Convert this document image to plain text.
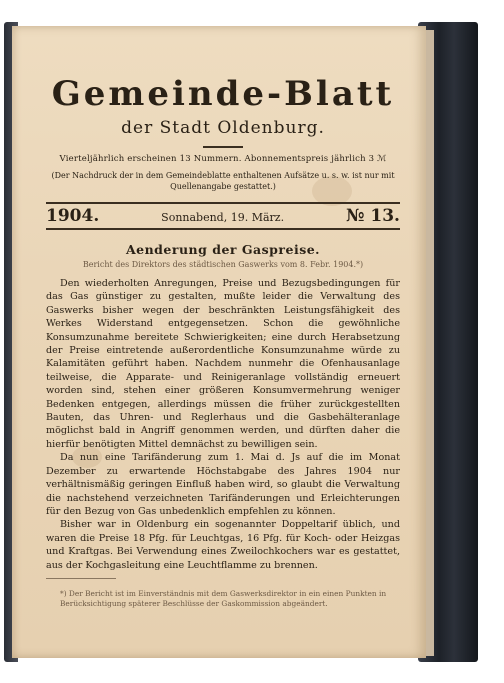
Gemeinde-Blatt
der Stadt Oldenburg.
Vierteljährlich erscheinen 13 Nummern. Abonnementspreis jährlich 3 ℳ
(Der Nachdruck der in dem Gemeindeblatte enthaltenen Aufsätze u. s. w. ist nur mit Quellenangabe gestattet.)
1904.	Sonnabend, 19. März.	№ 13.
Aenderung der Gaspreise.
Bericht des Direktors des städtischen Gaswerks vom 8. Febr. 1904.*)

Den wiederholten Anregungen, Preise und Bezugsbedingungen für das Gas günstiger zu gestalten, mußte leider die Verwaltung des Gaswerks bisher wegen der beschränkten Leistungsfähigkeit des Werkes Widerstand entgegensetzen. Schon die gewöhnliche Konsumzunahme bereitete Schwierigkeiten; eine durch Herabsetzung der Preise eintretende außerordentliche Konsumzunahme würde zu Kalamitäten geführt haben. Nachdem nunmehr die Ofenhausanlage teilweise, die Apparate- und Reinigeranlage vollständig erneuert worden sind, stehen einer größeren Konsumvermehrung weniger Bedenken entgegen, allerdings müssen die früher zurückgestellten Bauten, das Uhren- und Reglerhaus und die Gasbehälteranlage möglichst bald in Angriff genommen werden, und dürften daher die hierfür benötigten Mittel demnächst zu bewilligen sein.

Da nun eine Tarifänderung zum 1. Mai d. Js auf die im Monat Dezember zu erwartende Höchstabgabe des Jahres 1904 nur verhältnismäßig geringen Einfluß haben wird, so glaubt die Verwaltung die nachstehend verzeichneten Tarifänderungen und Erleichterungen für den Bezug von Gas unbedenklich empfehlen zu können.

Bisher war in Oldenburg ein sogenannter Doppeltarif üblich, und waren die Preise 18 Pfg. für Leuchtgas, 16 Pfg. für Koch- oder Heizgas und Kraftgas. Bei Verwendung eines Zweilochkochers war es gestattet, aus der Kochgasleitung eine Leuchtflamme zu brennen.

*) Der Bericht ist im Einverständnis mit dem Gaswerksdirektor in ein einen Punkten in Berücksichtigung späterer Beschlüsse der Gaskommission abgeändert.
